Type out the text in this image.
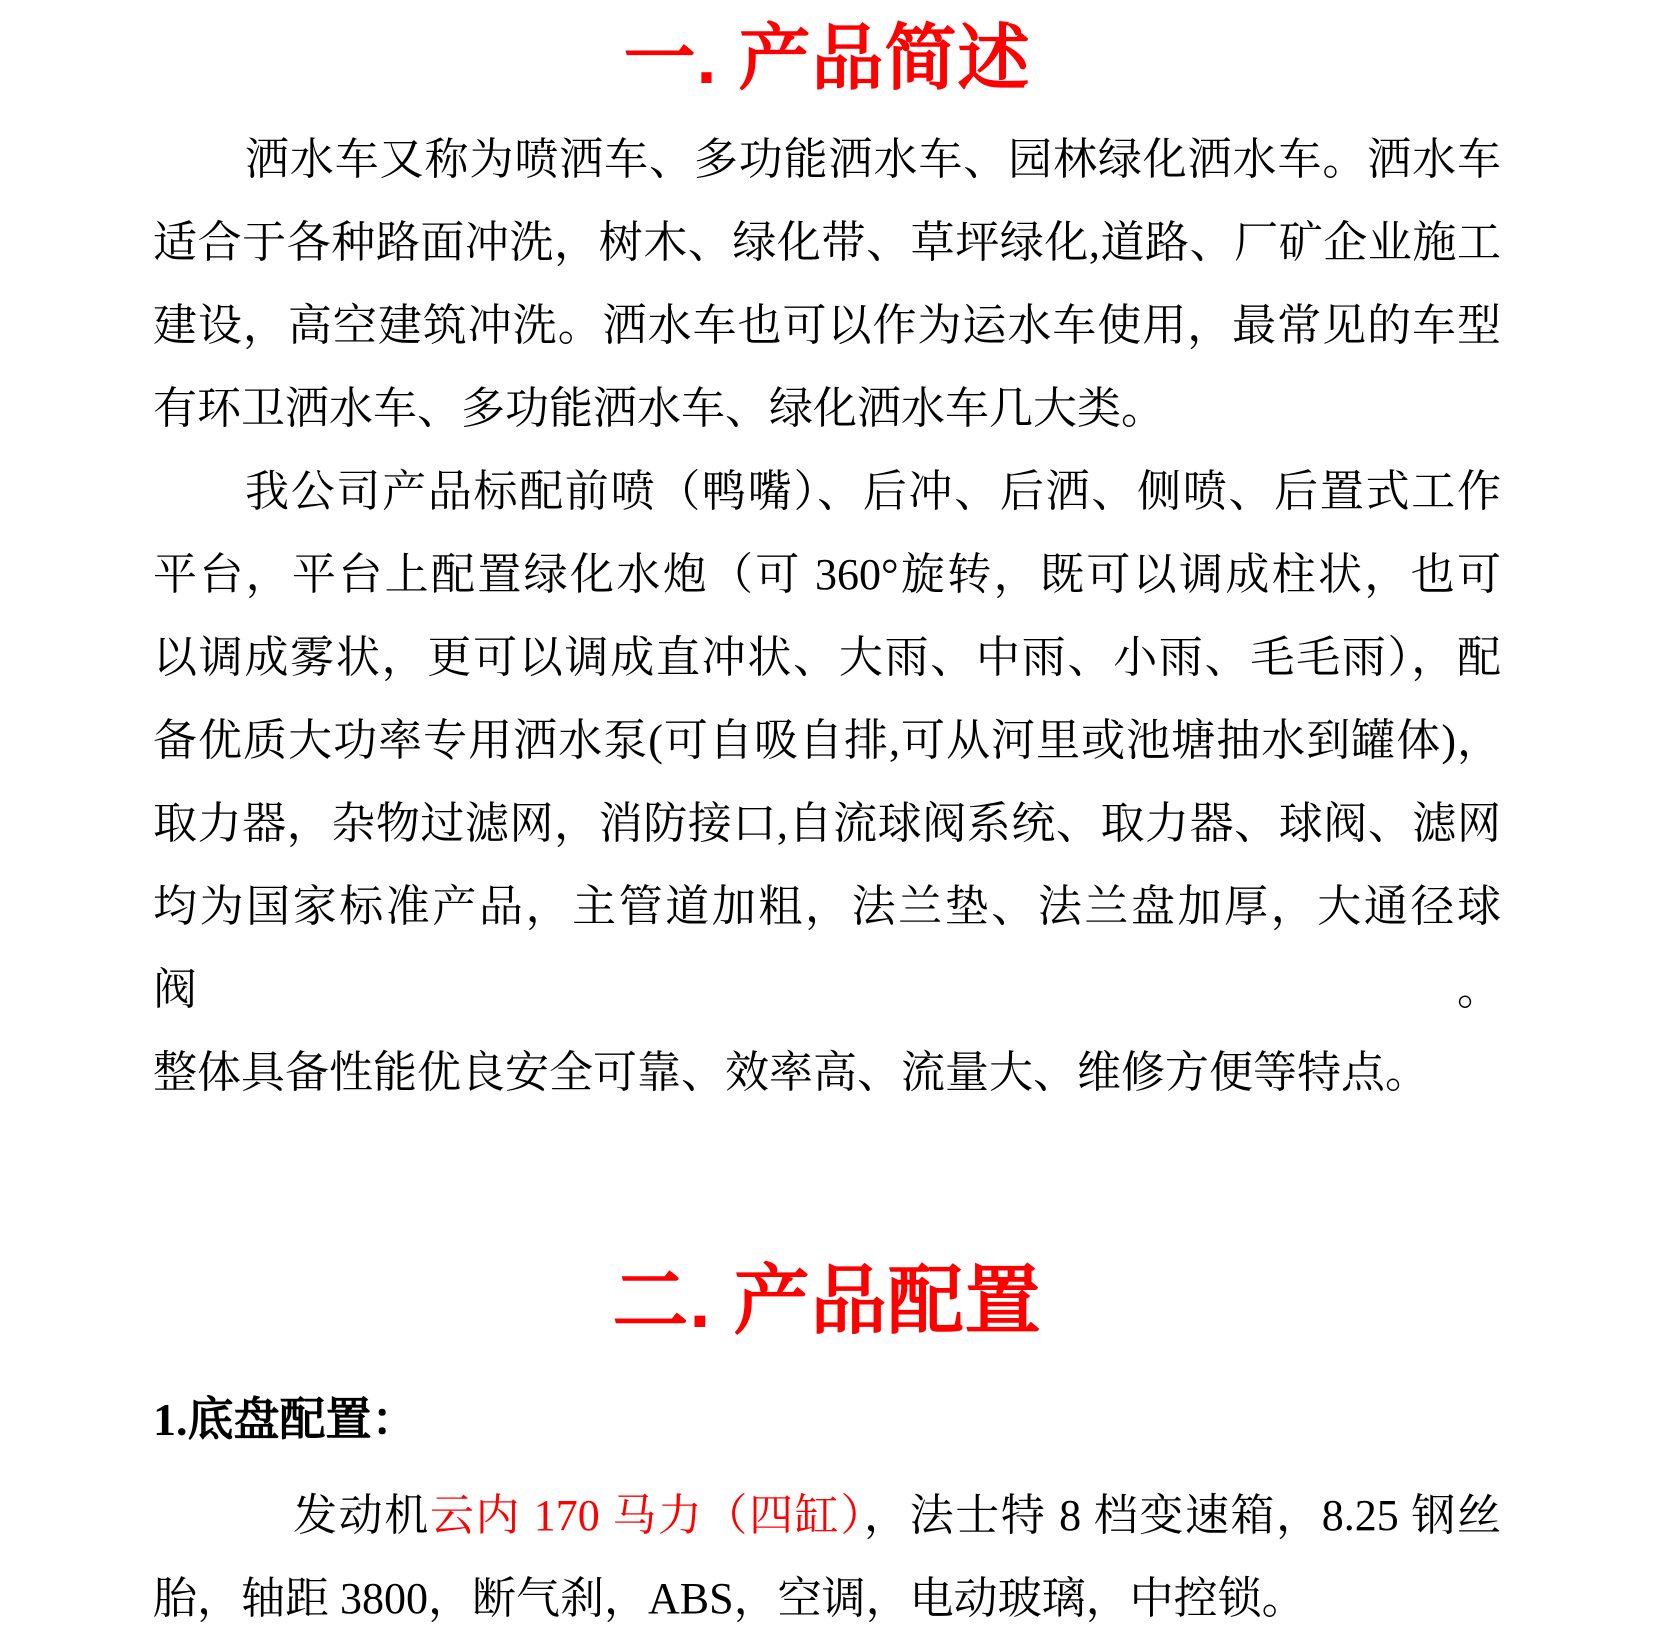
一. 产品简述
洒水车又称为喷洒车、多功能洒水车、园林绿化洒水车。洒水车
适合于各种路面冲洗，树木、绿化带、草坪绿化,道路、厂矿企业施工
建设，高空建筑冲洗。洒水车也可以作为运水车使用，最常见的车型
有环卫洒水车、多功能洒水车、绿化洒水车几大类。
我公司产品标配前喷（鸭嘴）、后冲、后洒、侧喷、后置式工作
平台，平台上配置绿化水炮（可 360°旋转，既可以调成柱状，也可
以调成雾状，更可以调成直冲状、大雨、中雨、小雨、毛毛雨），配
备优质大功率专用洒水泵(可自吸自排,可从河里或池塘抽水到罐体)，
取力器，杂物过滤网，消防接口,自流球阀系统、取力器、球阀、滤网
均为国家标准产品，主管道加粗，法兰垫、法兰盘加厚，大通径球阀。
整体具备性能优良安全可靠、效率高、流量大、维修方便等特点。
二. 产品配置
1.底盘配置：
发动机云内 170 马力（四缸），法士特 8 档变速箱，8.25 钢丝
胎，轴距 3800，断气刹，ABS，空调，电动玻璃，中控锁。
